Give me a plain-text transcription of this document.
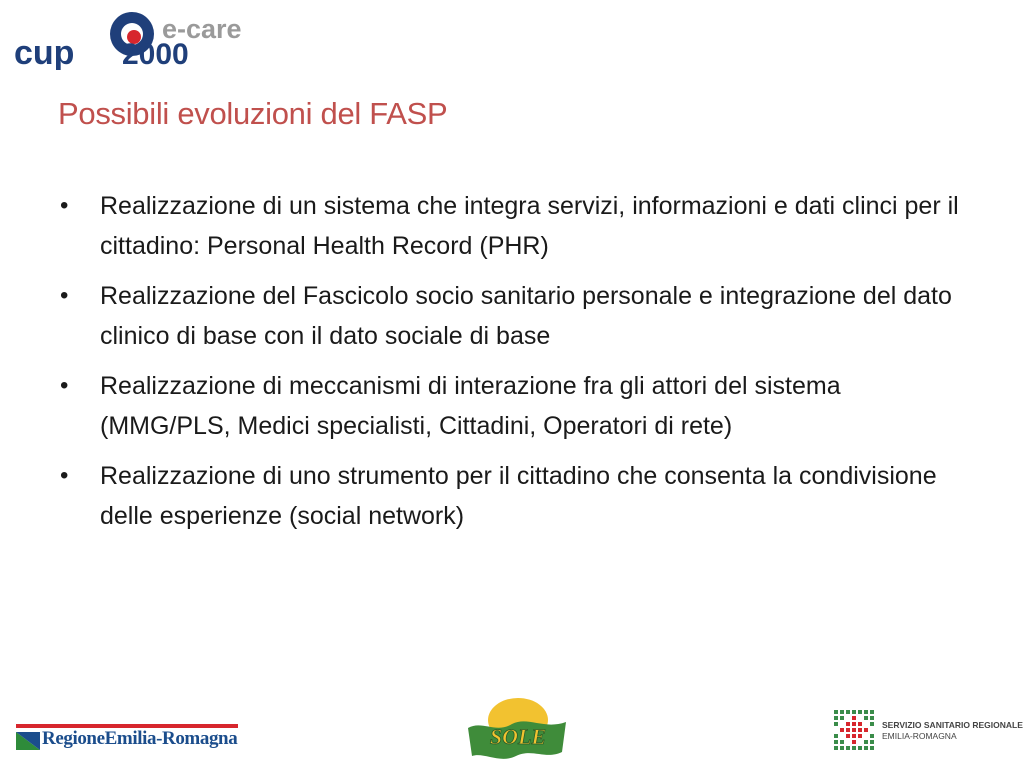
cup 2000
e-care
Possibili evoluzioni del FASP
• Realizzazione di un sistema che integra servizi, informazioni e dati clinci per il cittadino: Personal Health Record (PHR)
• Realizzazione del Fascicolo socio sanitario personale e integrazione del dato clinico di base con il dato sociale di base
• Realizzazione di meccanismi di interazione fra gli attori del sistema (MMG/PLS, Medici specialisti, Cittadini, Operatori di rete)
• Realizzazione di uno strumento per il cittadino che consenta la condivisione delle esperienze (social network)
RegioneEmilia-Romagna	SOLE	SERVIZIO SANITARIO REGIONALE
EMILIA-ROMAGNA
